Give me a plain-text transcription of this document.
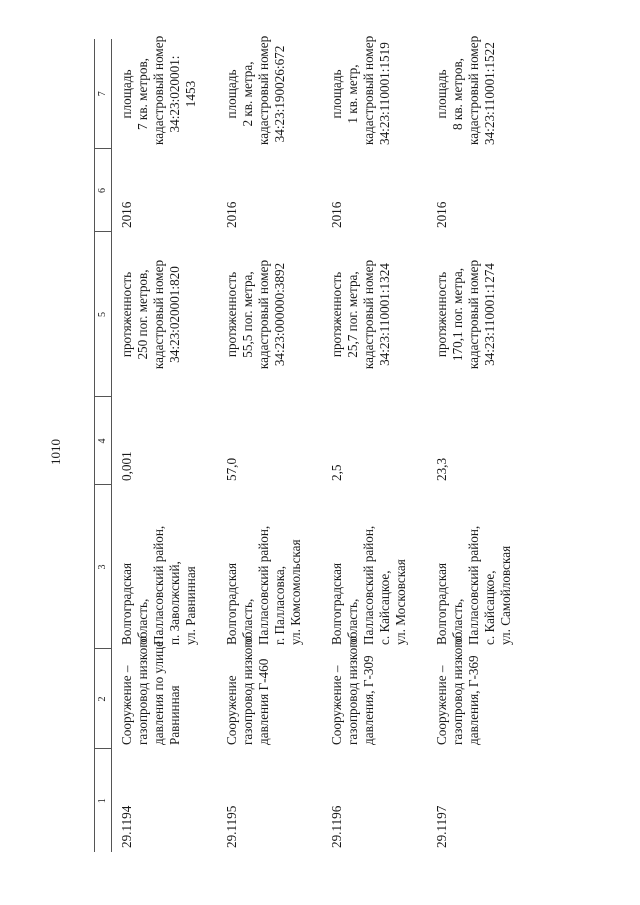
1010
1	2	3	4	5	6	7

29.1194	Сооружение – газопровод низкого давления по улице Равнинная	Волгоградская область, Палласовский район, п. Заволжский, ул. Равнинная	0,001	протяженность 250 пог. метров, кадастровый номер 34:23:020001:820	2016	площадь 7 кв. метров, кадастровый номер 34:23:020001: 1453

29.1195	Сооружение газопровод низкого давления Г-460	Волгоградская область, Палласовский район, г. Палласовка, ул. Комсомольская	57,0	протяженность 55,5 пог. метра, кадастровый номер 34:23:000000:3892	2016	площадь 2 кв. метра, кадастровый номер 34:23:190026:672

29.1196	Сооружение – газопровод низкого давления, Г-309	Волгоградская область, Палласовский район, с. Кайсацкое, ул. Московская	2,5	протяженность 25,7 пог. метра, кадастровый номер 34:23:110001:1324	2016	площадь 1 кв. метр, кадастровый номер 34:23:110001:1519

29.1197	Сооружение – газопровод низкого давления, Г-369	Волгоградская область, Палласовский район, с. Кайсацкое, ул. Самойловская	23,3	протяженность 170,1 пог. метра, кадастровый номер 34:23:110001:1274	2016	площадь 8 кв. метров, кадастровый номер 34:23:110001:1522
